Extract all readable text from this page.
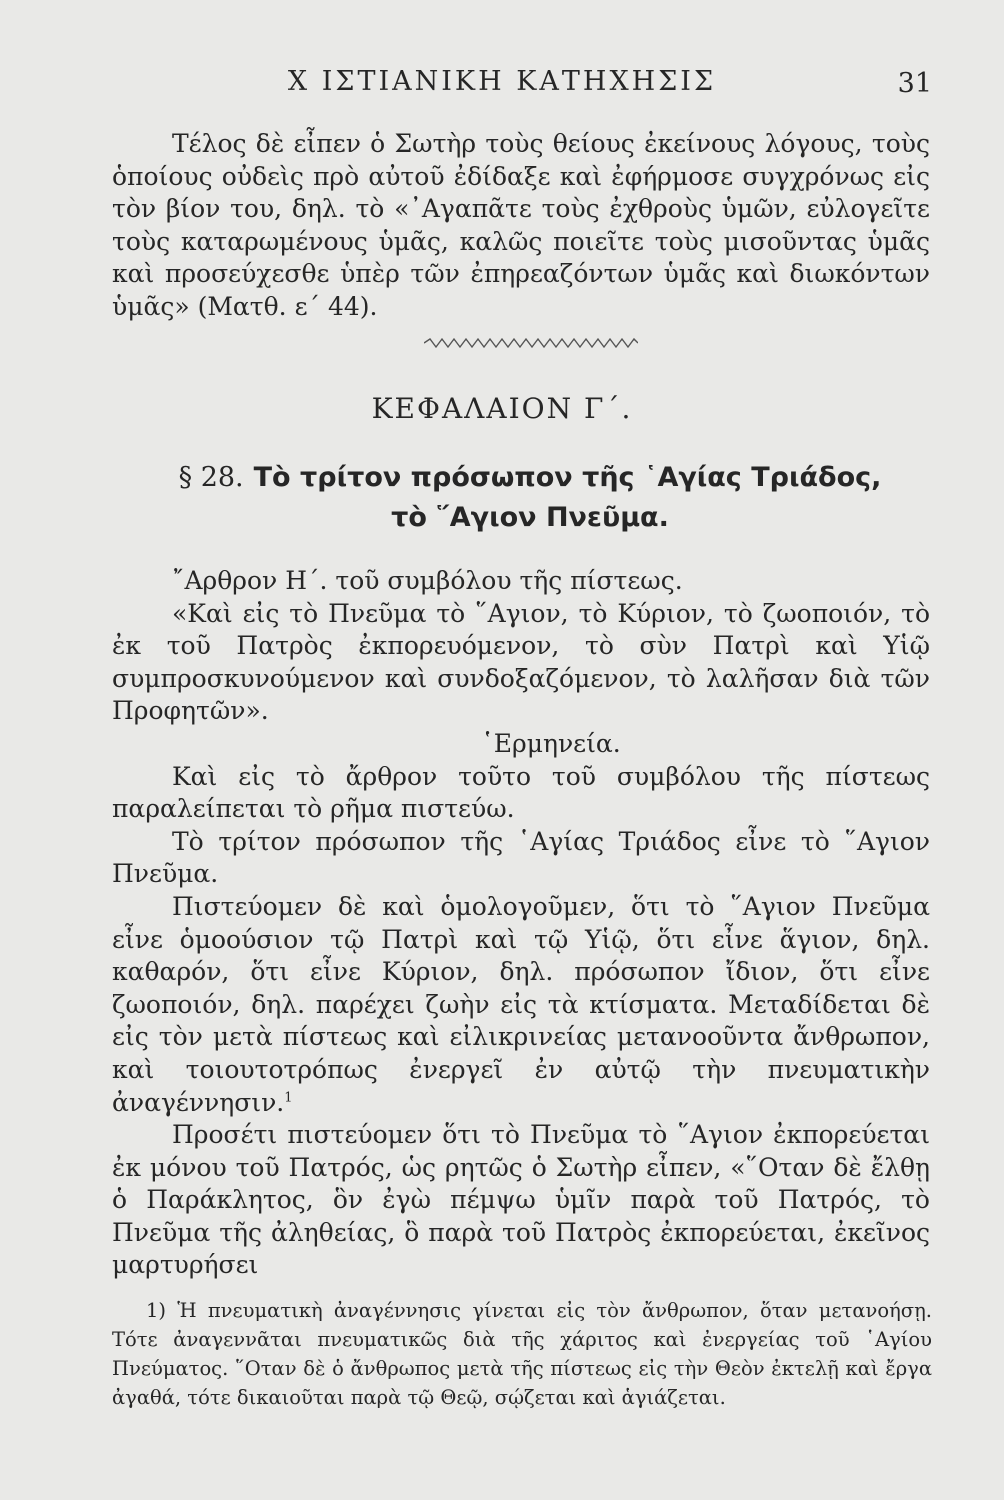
Χ ΙΣΤΙΑΝΙΚΗ ΚΑΤΗΧΗΣΙΣ	31

Τέλος δὲ εἶπεν ὁ Σωτὴρ τοὺς θείους ἐκείνους λόγους, τοὺς ὁποίους οὐδεὶς πρὸ αὐτοῦ ἐδίδαξε καὶ ἐφήρμοσε συγχρόνως εἰς τὸν βίον του, δηλ. τὸ «᾿Αγαπᾶτε τοὺς ἐχθροὺς ὑμῶν, εὐλογεῖτε τοὺς καταρωμένους ὑμᾶς, καλῶς ποιεῖτε τοὺς μισοῦντας ὑμᾶς καὶ προσεύχεσθε ὑπὲρ τῶν ἐπηρεαζόντων ὑμᾶς καὶ διωκόντων ὑμᾶς» (Ματθ. ε΄ 44).

ΚΕΦΑΛΑΙΟΝ Γ΄.
§ 28. Τὸ τρίτον πρόσωπον τῆς ῾Αγίας Τριάδος,
τὸ ῞Αγιον Πνεῦμα.

῎Αρθρον Η΄. τοῦ συμβόλου τῆς πίστεως.

«Καὶ εἰς τὸ Πνεῦμα τὸ ῞Αγιον, τὸ Κύριον, τὸ ζωοποιόν, τὸ ἐκ τοῦ Πατρὸς ἐκπορευόμενον, τὸ σὺν Πατρὶ καὶ Υἱῷ συμπροσκυνούμενον καὶ συνδοξαζόμενον, τὸ λαλῆσαν διὰ τῶν Προφητῶν».

῾Ερμηνεία.

Καὶ εἰς τὸ ἄρθρον τοῦτο τοῦ συμβόλου τῆς πίστεως παραλείπεται τὸ ρῆμα πιστεύω.

Τὸ τρίτον πρόσωπον τῆς ῾Αγίας Τριάδος εἶνε τὸ ῞Αγιον Πνεῦμα.

Πιστεύομεν δὲ καὶ ὁμολογοῦμεν, ὅτι τὸ ῞Αγιον Πνεῦμα εἶνε ὁμοούσιον τῷ Πατρὶ καὶ τῷ Υἱῷ, ὅτι εἶνε ἅγιον, δηλ. καθαρόν, ὅτι εἶνε Κύριον, δηλ. πρόσωπον ἴδιον, ὅτι εἶνε ζωοποιόν, δηλ. παρέχει ζωὴν εἰς τὰ κτίσματα. Μεταδίδεται δὲ εἰς τὸν μετὰ πίστεως καὶ εἰλικρινείας μετανοοῦντα ἄνθρωπον, καὶ τοιουτοτρόπως ἐνεργεῖ ἐν αὐτῷ τὴν πνευματικὴν ἀναγέννησιν.$^1$

Προσέτι πιστεύομεν ὅτι τὸ Πνεῦμα τὸ ῞Αγιον ἐκπορεύεται ἐκ μόνου τοῦ Πατρός, ὡς ρητῶς ὁ Σωτὴρ εἶπεν, «῞Οταν δὲ ἔλθῃ ὁ Παράκλητος, ὃν ἐγὼ πέμψω ὑμῖν παρὰ τοῦ Πατρός, τὸ Πνεῦμα τῆς ἀληθείας, ὃ παρὰ τοῦ Πατρὸς ἐκπορεύεται, ἐκεῖνος μαρτυρήσει

1) Ἡ πνευματικὴ ἀναγέννησις γίνεται εἰς τὸν ἄνθρωπον, ὅταν μετανοήσῃ. Τότε ἀναγεννᾶται πνευματικῶς διὰ τῆς χάριτος καὶ ἐνεργείας τοῦ ῾Αγίου Πνεύματος. ῞Οταν δὲ ὁ ἄνθρωπος μετὰ τῆς πίστεως εἰς τὴν Θεὸν ἐκτελῇ καὶ ἔργα ἀγαθά, τότε δικαιοῦται παρὰ τῷ Θεῷ, σῴζεται καὶ ἁγιάζεται.
